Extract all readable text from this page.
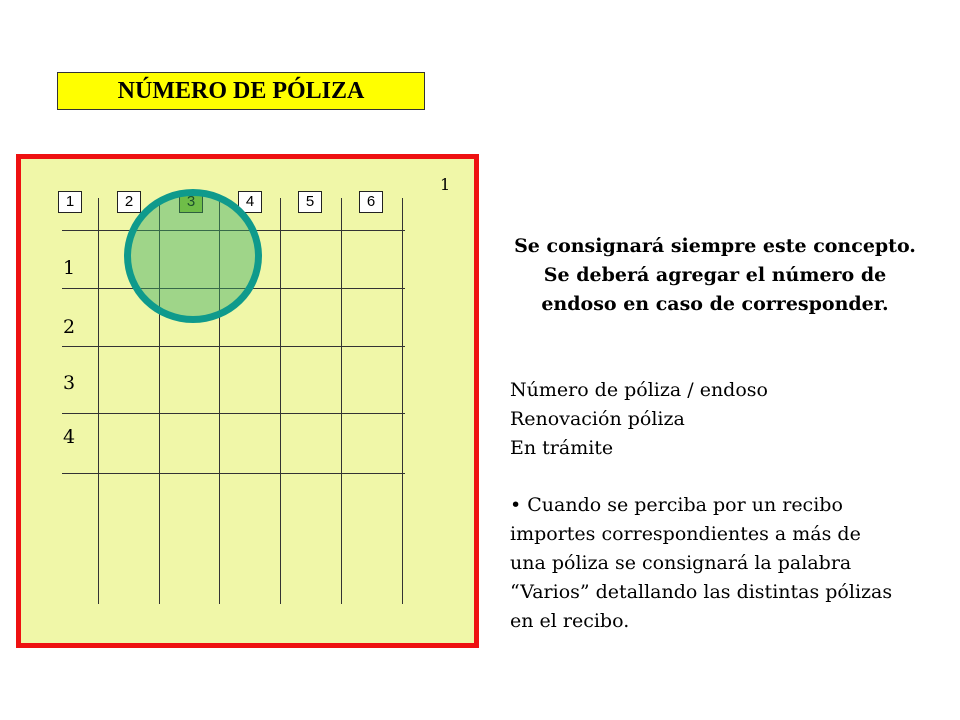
NÚMERO DE PÓLIZA
1
1	2	3	4	5	6
1
2
3
4
Se consignará siempre este concepto. Se deberá agregar el número de endoso en caso de corresponder.
Número de póliza / endoso
Renovación póliza
En trámite
• Cuando se perciba por un recibo
importes correspondientes a más de
una póliza se consignará la palabra
“Varios” detallando las distintas pólizas
en el recibo.
